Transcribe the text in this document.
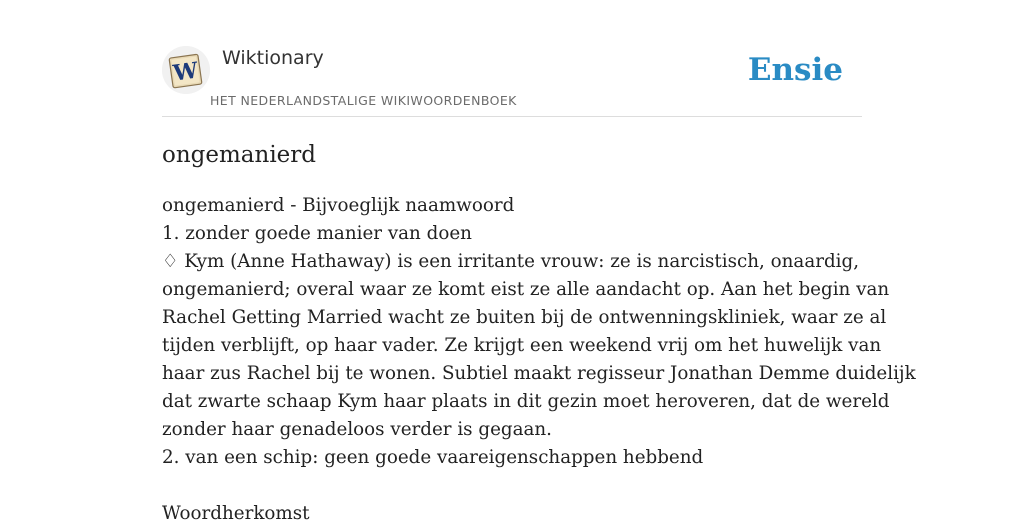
W Wiktionary
HET NEDERLANDSTALIGE WIKIWOORDENBOEK
Ensie
ongemanierd
ongemanierd - Bijvoeglijk naamwoord
1. zonder goede manier van doen
♢ Kym (Anne Hathaway) is een irritante vrouw: ze is narcistisch, onaardig,
ongemanierd; overal waar ze komt eist ze alle aandacht op. Aan het begin van
Rachel Getting Married wacht ze buiten bij de ontwenningskliniek, waar ze al
tijden verblijft, op haar vader. Ze krijgt een weekend vrij om het huwelijk van
haar zus Rachel bij te wonen. Subtiel maakt regisseur Jonathan Demme duidelijk
dat zwarte schaap Kym haar plaats in dit gezin moet heroveren, dat de wereld
zonder haar genadeloos verder is gegaan.
2. van een schip: geen goede vaareigenschappen hebbend
Woordherkomst
